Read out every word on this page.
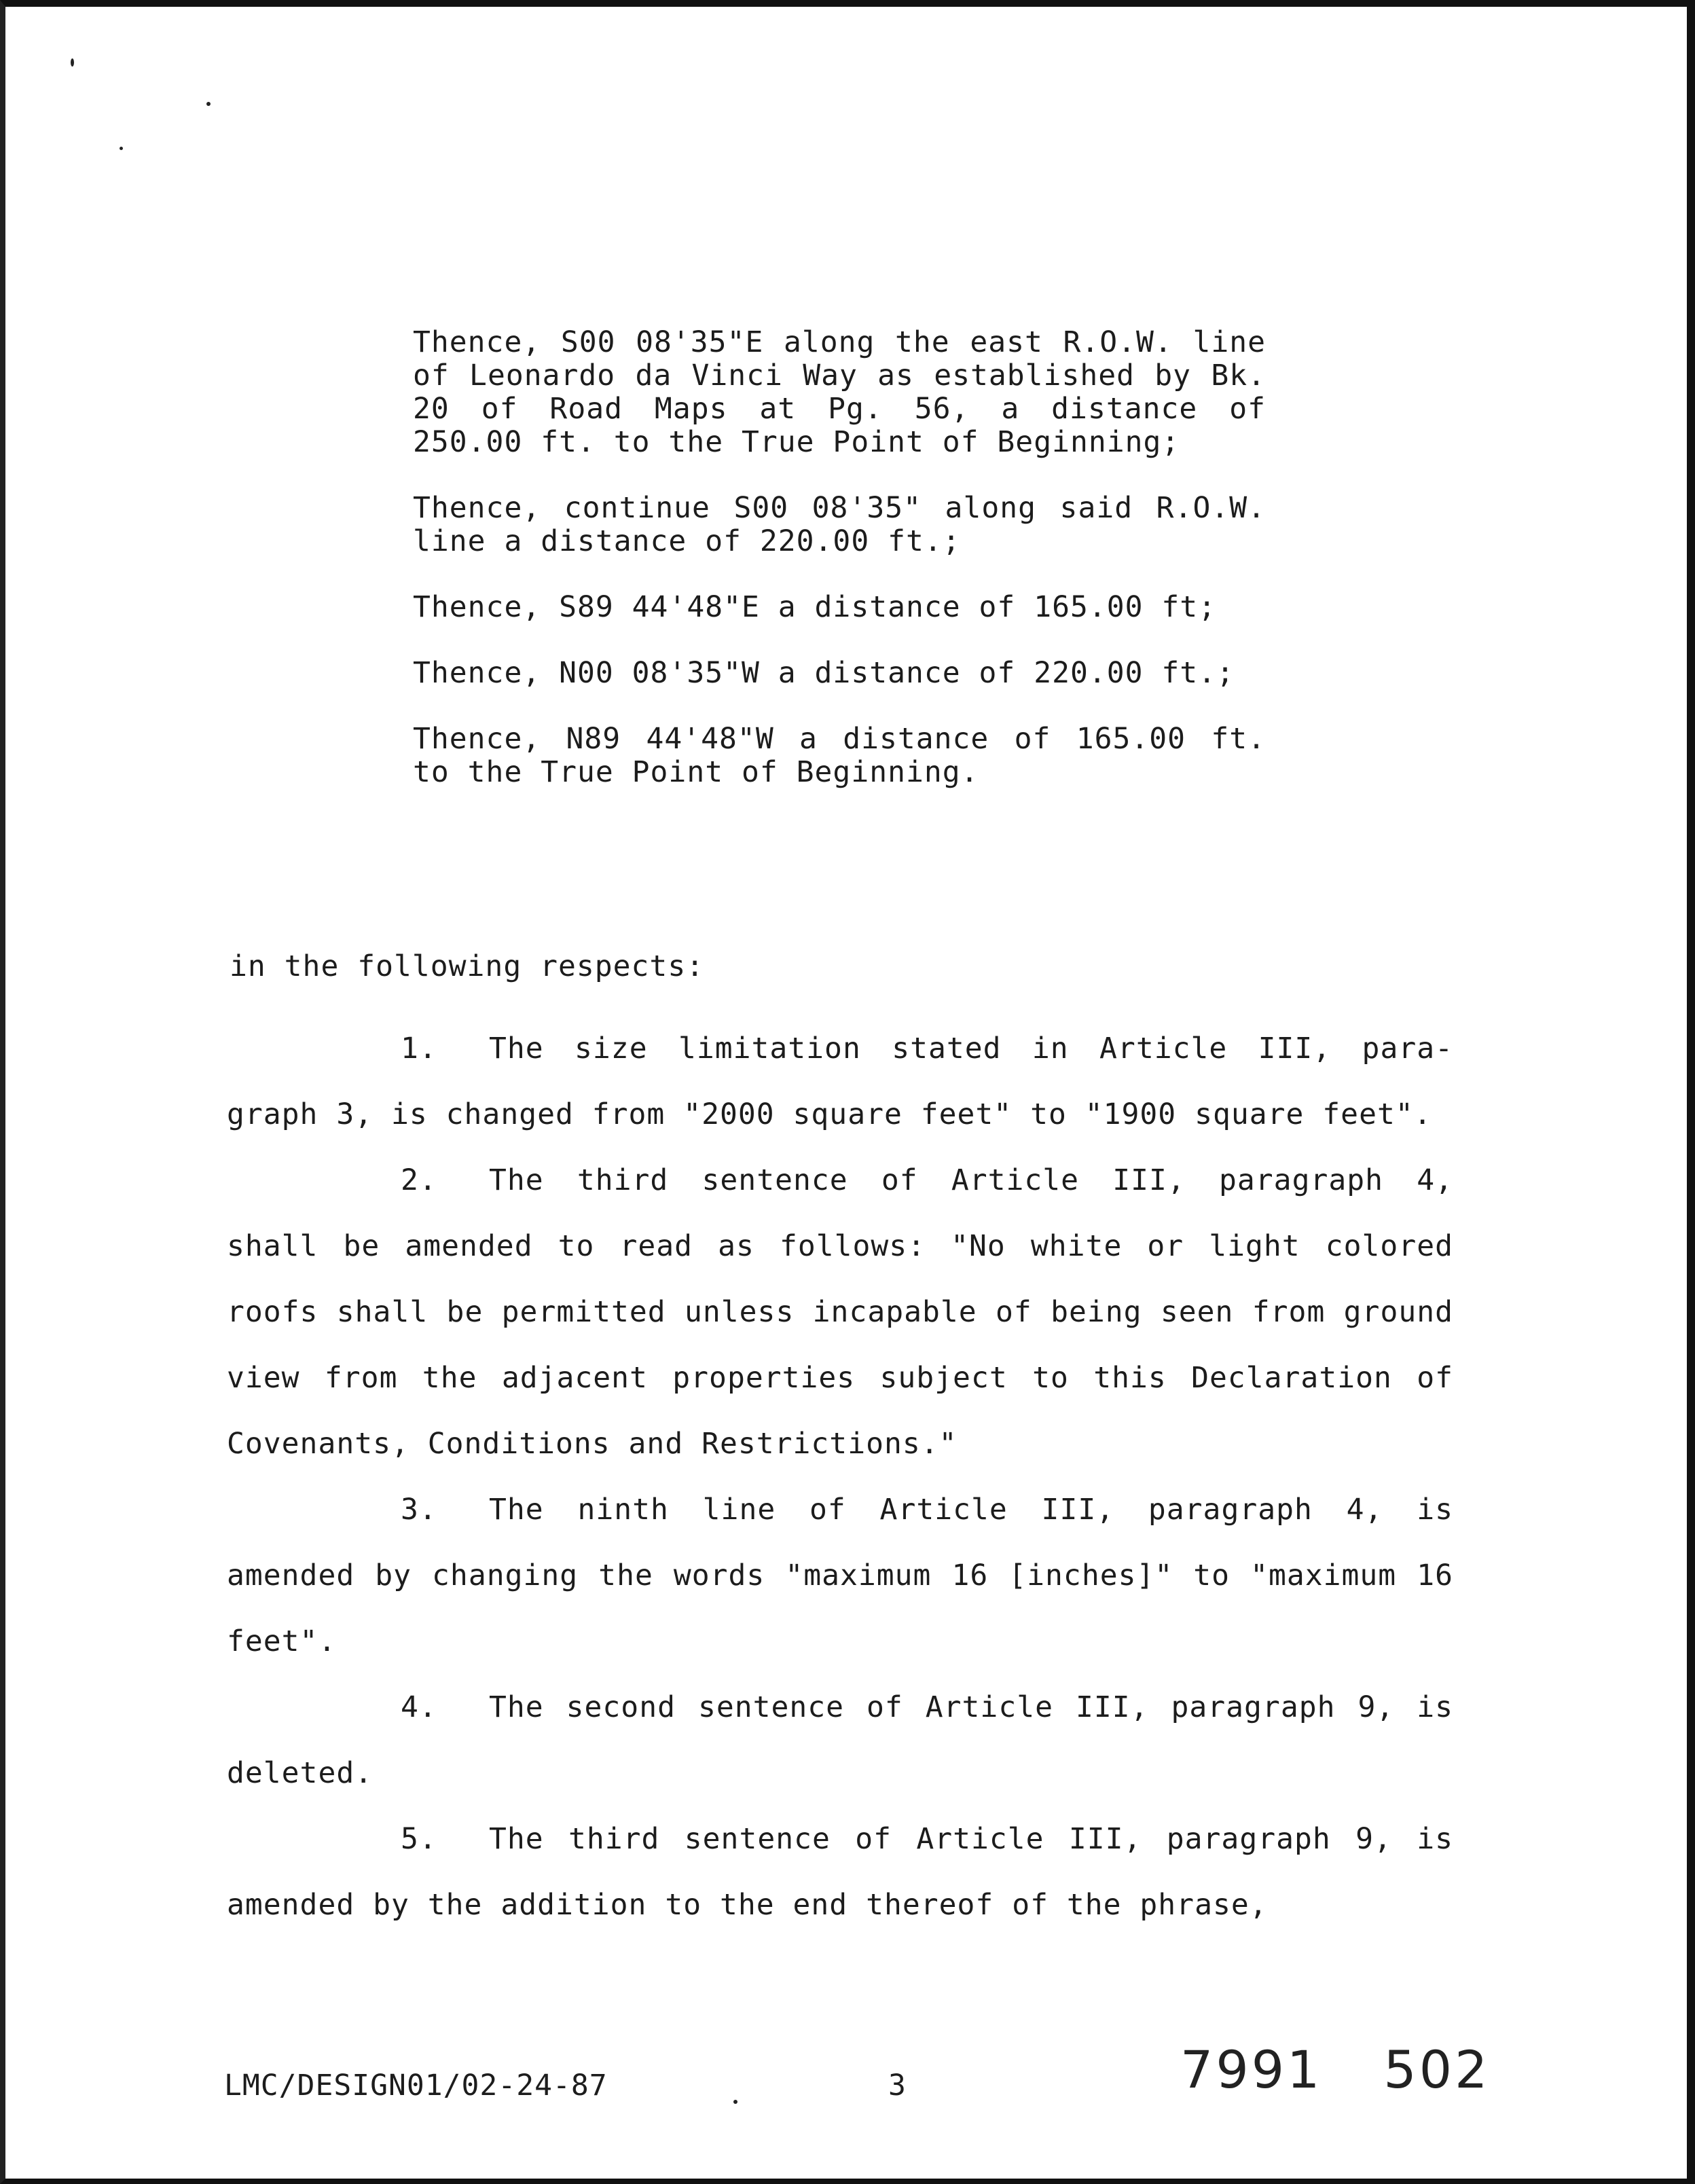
Thence, S00 08'35"E along the east R.O.W. line of Leonardo da Vinci Way as established by Bk. 20 of Road Maps at Pg. 56, a distance of 250.00 ft. to the True Point of Beginning;

Thence, continue S00 08'35" along said R.O.W. line a distance of 220.00 ft.;

Thence, S89 44'48"E a distance of 165.00 ft;

Thence, N00 08'35"W a distance of 220.00 ft.;

Thence, N89 44'48"W a distance of 165.00 ft. to the True Point of Beginning.

in the following respects:

1. The size limitation stated in Article III, para- graph 3, is changed from "2000 square feet" to "1900 square feet".

2. The third sentence of Article III, paragraph 4, shall be amended to read as follows: "No white or light colored roofs shall be permitted unless incapable of being seen from ground view from the adjacent properties subject to this Declaration of Covenants, Conditions and Restrictions."

3. The ninth line of Article III, paragraph 4, is amended by changing the words "maximum 16 [inches]" to "maximum 16 feet".

4. The second sentence of Article III, paragraph 9, is deleted.

5. The third sentence of Article III, paragraph 9, is amended by the addition to the end thereof of the phrase,

LMC/DESIGN01/02-24-87	3	7991 502
